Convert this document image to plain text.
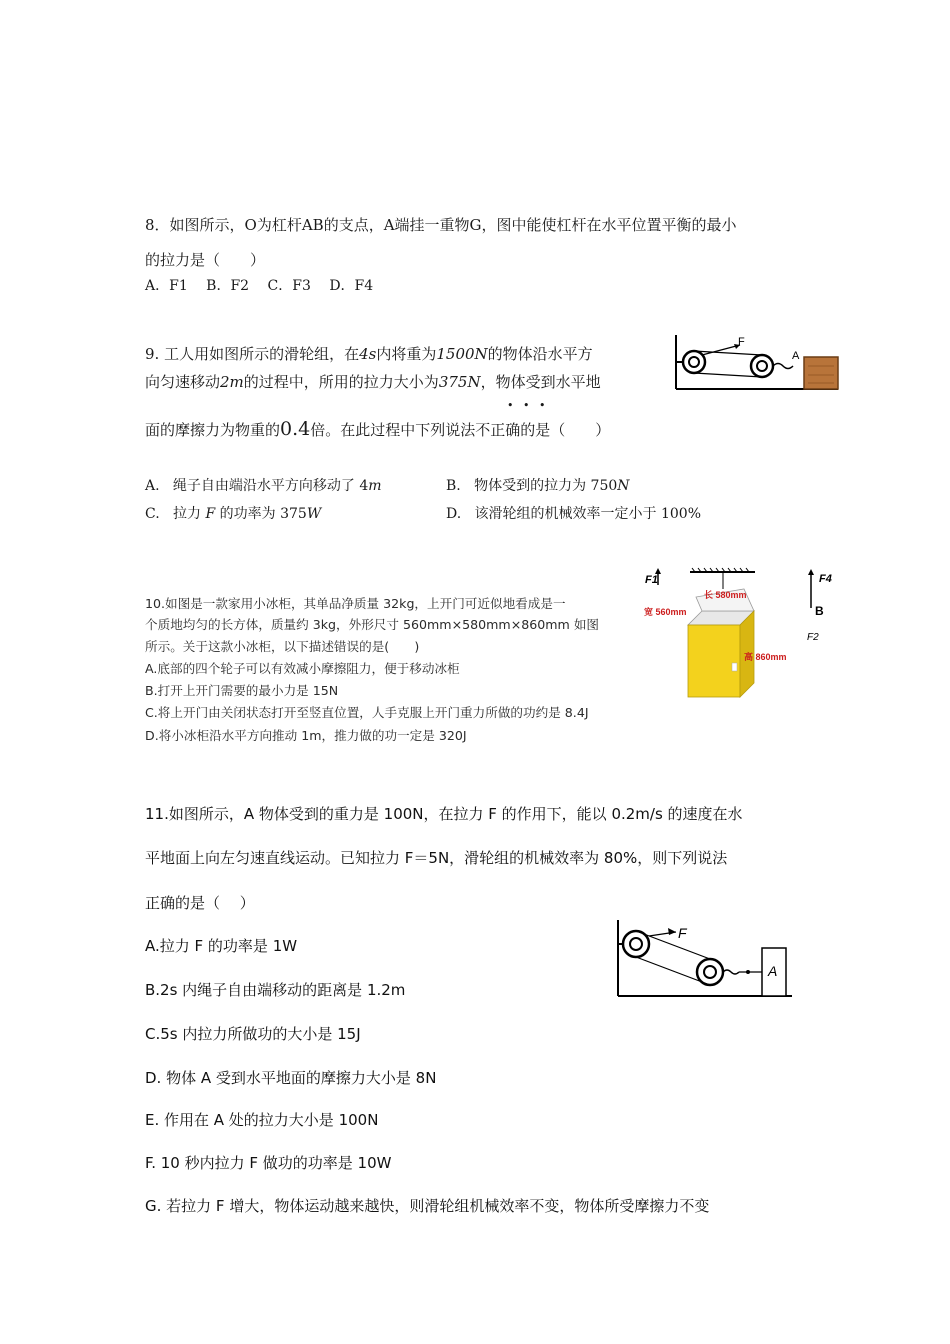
8．如图所示，O为杠杆AB的支点，A端挂一重物G，图中能使杠杆在水平位置平衡的最小
的拉力是（　　）
A．F1　 B．F2　 C．F3　 D．F4
9. 工人用如图所示的滑轮组，在4s内将重为1500N的物体沿水平方
向匀速移动2m的过程中，所用的拉力大小为375N，物体受到水平地
• • •
面的摩擦力为物重的0.4倍。在此过程中下列说法不正确的是（　　）
A. 绳子自由端沿水平方向移动了 4m	B. 物体受到的拉力为 750N
C. 拉力 F 的功率为 375W	D. 该滑轮组的机械效率一定小于 100%
F
A
10.如图是一款家用小冰柜，其单品净质量 32kg，上开门可近似地看成是一
个质地均匀的长方体，质量约 3kg，外形尺寸 560mm×580mm×860mm 如图
所示。关于这款小冰柜，以下描述错误的是(　　)
A.底部的四个轮子可以有效减小摩擦阻力，便于移动冰柜
B.打开上开门需要的最小力是 15N
C.将上开门由关闭状态打开至竖直位置，人手克服上开门重力所做的功约是 8.4J
D.将小冰柜沿水平方向推动 1m，推力做的功一定是 320J
F1	F4
B
F2
长 580mm
宽 560mm
高 860mm
11.如图所示，A 物体受到的重力是 100N，在拉力 F 的作用下，能以 0.2m/s 的速度在水
平地面上向左匀速直线运动。已知拉力 F＝5N，滑轮组的机械效率为 80%，则下列说法
正确的是（　 ）
A.拉力 F 的功率是 1W
B.2s 内绳子自由端移动的距离是 1.2m
C.5s 内拉力所做功的大小是 15J
D. 物体 A 受到水平地面的摩擦力大小是 8N
E. 作用在 A 处的拉力大小是 100N
F. 10 秒内拉力 F 做功的功率是 10W
G. 若拉力 F 增大，物体运动越来越快，则滑轮组机械效率不变，物体所受摩擦力不变
F
A
